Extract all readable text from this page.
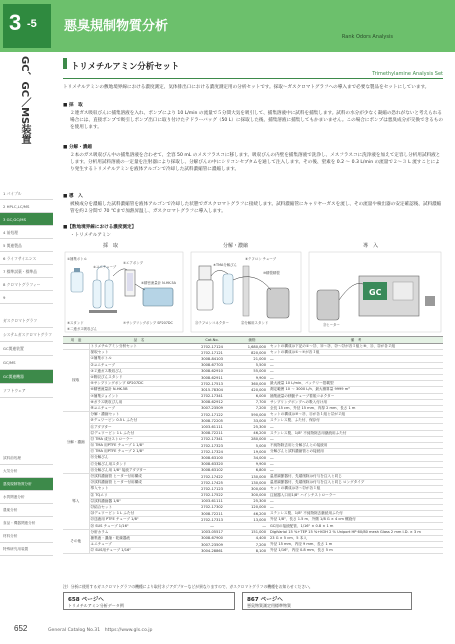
3 -5 悪臭規制物質分析
Rank Odors Analysis
GC、GC／MS装置
1 パイプル
2 HPLC,LC/MS
3 GC,GC/MS
4 前処理
5 関連製品
6 ライフサイエンス
7 標準試薬・標準品
8 クロマトグラフィー
9
ガスクロマトグラフ
システムガスクロマトグラフ
GC関連装置
GC/MS
GC関連機器
ソフトウェア
試料前処理
大気分析
悪臭規制物質分析
水質関連分析
農薬分析
食品・機器関連分析
材料分析
特殊研究用装置
トリメチルアミン分析セット
Trimethylamine Analysis Set
トリメチルアミンの敷地境界線における濃度測定、気体排出口における濃度測定用の分析セットです。採取～ガスクロマトグラフへの導入まで必要な製品をセットにしています。
■ 採　取
２連ガス吸収びんに捕集溶液を入れ、ポンプにより 10 L/min の流量で５分間大気を吸引して、捕集溶液中に試料を捕集します。試料の水分が少なく凝縮の恐れがないと考えられる場合には、直接ポンプで吸引しポンプ出口に取り付けたテドラーバッグ（50 L）に採取した後、捕集溶液に捕集してもかまいません。この場合にポンプは悪臭成分が交換できるものを使用します。
■ 分解・濃縮
２本のガス吸収びん中の捕集溶液を合わせて、全容 50 mL のメスフラスコに移します。吸収びんの内壁を捕集溶液で洗浄し、メスフラスコに洗浄液を加えて定容し分析用試料液とします。分析用試料溶液の一定量を注射器により採取し、分解びんの中にシリコンセプタムを通して注入します。その後、窒素を 0.2 ～ 0.3 L/min の流量で２～３ L 流すことにより発生するトリメチルアミンを液体アルゴンで冷却した試料濃縮管に濃縮します。
■ 導　入
被検成分を濃縮した試料濃縮管を液体アルゴンで冷却した状態でガスクロマトグラフに接続します。試料濃縮管にキャリヤーガスを流し、その流量や検出器の安定確認後、試料濃縮管を約２分間で 70 ℃まで加熱昇温し、ガスクロマトグラフに導入します。
■【数地境界線における濃度測定】
・トリメチルアミン
GC
採　取	分解・濃縮	導　入
①捕集ボトル
②ユニチューブ
③エアポンプ
④精密流量計 N-HK-5A
⑤スタンド
⑥二連ガス吸収びん
⑦サンプリングポンプ SP207DC
⑧テフロン チューブ
⑨TMA分解びん
⑩精製精製
⑪テフロンコネクター	⑫分解用スタンド	⑬ヒーター
用　途	品　名	Cat.No.	価格	備　考
	トリメチルアミン分析セット	2702-17124	1,680,000	セットの構成は下記の①～⑬、⑭～⑳、⑳～㉓が各１組と⑧、⑪、㉑が各２組
採取	採取セット	2702-17121	820,000	セットの構成は①～⑦が各１組
	①捕集ボトル	3008-84103	21,000	―
	②ユニチューブ	3008-67703	5,500	―
	③２連ガス吸収びん	3008-62910	55,000	―
	④吸収びんスタンド	3008-62911	9,900	―
	⑤サンプリングポンプ SP207DC	2702-17513	360,000	最大流量 10 L/min、バッテリー搭載型
	⑥精密流量計 N-HK-5B	3015-78304	420,000	測定範囲 10 ～ 3000 L/h、最大積算量 9999 m³
	⑦捕集ジョイント	2702-17341	6,000	捕集液量の移動チューブ着脱コネクター
	⑧ガラス吸収びん用	3008-62912	7,700	サンプリングポンプへの吸入付け用
	⑨ユニチューブ	3007-23509	7,200	全長 15 cm、外径 15 mm、肉厚 2 mm、長さ 1 m
分解・濃縮	分解・濃縮セット	2702-17122	590,000	セットの構成は⑩～⑳、⑪が各１組と⑫が２組
	⑩デュワービン 0.5 L ふた付	3008-72205	33,000	ステンレス製、ふた付、保存付
	⑪アダプター	1003-61111	25,300	―
	⑫デュワービン 1 L ふた付	3008-72211	46,200	ステンレス製、1/8" 不純物除去用継続用ふた付
	⑬ TMA 成分ストローラー	2702-17341	280,000	―
	⑭ TMA 用PTFE チューブ 1 1/8"	2702-17323	5,000	不純物除去用と分解びんとの接続用
	⑮ TMA 用PTFE チューブ 2 1/8"	2702-17324	19,000	分解びんと試料濃縮管との接続用
	⑯分解びん	3008-63100	34,000	―
	⑰分解びん用スタンド	3008-63320	9,900	―
	⑱分解びん用 1/8" 接続アダプター	3008-63102	6,800	―
導入	⑲試料濃縮管 ヒーター付用構成	2702-17422	130,000	温度調節器付、先端削除は付与を注入と同じ
	⑳試料濃縮管 ヒーター付用構成	2702-17425	130,000	温度調節器付、先端削除は付与を注入と同じ ロングタイプ
	導入セット	2702-17123	300,000	セットの構成は⑳～㉓が各１組
	㉑ TQエリ	2702-17522	300,000	注射器入口用1/8" ハインチストローラー
	㉒試料濃縮器 1/8"	1003-61111	25,300	―
	㉓結合セット	2702-17302	120,000	―
	㉔デュワービン 1 L ふた付	3008-72211	46,200	ステンレス製、1/8" 不純物除去継続用ふた付
	㉕送液用 PTFE チューブ 1/8"	2702-17313	13,000	外径 1/8"、長さ 1.5 m、外側 1/8 G × 4 cm 螺旋付
	㉖ SUS チューブ 1/16"	―	―	GC用の接続配管、1/16" × 0.8 × 1 m
その他	分析カラム	1003-05517	151,000	DigiVariol 15 %+TEP 15 %+KOH 2 % Uniport HP 60/80 mesh Glass 2 mm I.D. × 3 m
	捕集液・濃縮・乾燥器液	3008-67900	4,400	23 G × 5 cm、5 本入
	ユニチューブ	3007-23509	7,200	外径 15 mm、内径 9 mm、長さ 1 m
	㉗ SUS用チューブ 1/16"	3004-28861	8,100	外径 1/16"、内径 0.8 mm、長さ 5 m
注）分析に使用するガスクロマトグラフの機種により取付ネジアダプターなどが異なりますので、ガスクロマトグラフの機種をお知らせください。
658 ページへ
トリメチルアミン分析データ例
867 ページへ
悪臭物質測定用標準物質
652	General Catalog No.31　https://www.gls.co.jp
